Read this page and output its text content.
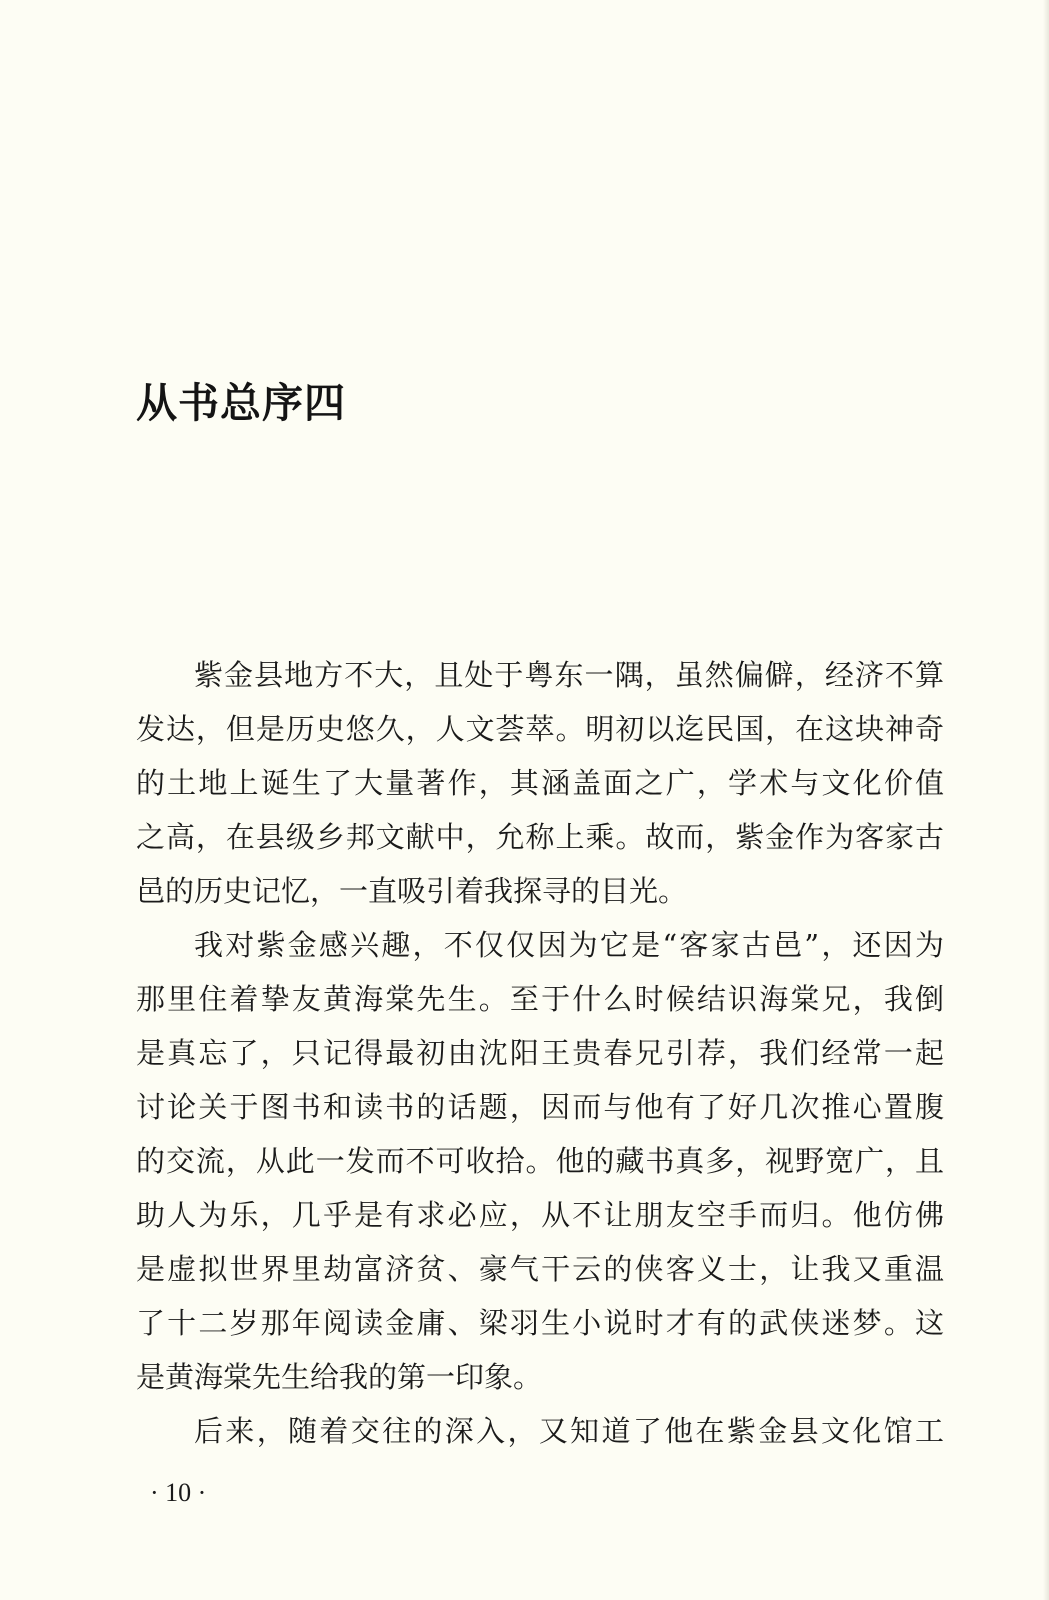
从书总序四
紫金县地方不大，且处于粤东一隅，虽然偏僻，经济不算
发达，但是历史悠久，人文荟萃。明初以迄民国，在这块神奇
的土地上诞生了大量著作，其涵盖面之广，学术与文化价值
之高，在县级乡邦文献中，允称上乘。故而，紫金作为客家古
邑的历史记忆，一直吸引着我探寻的目光。
我对紫金感兴趣，不仅仅因为它是“客家古邑”，还因为
那里住着挚友黄海棠先生。至于什么时候结识海棠兄，我倒
是真忘了，只记得最初由沈阳王贵春兄引荐，我们经常一起
讨论关于图书和读书的话题，因而与他有了好几次推心置腹
的交流，从此一发而不可收拾。他的藏书真多，视野宽广，且
助人为乐，几乎是有求必应，从不让朋友空手而归。他仿佛
是虚拟世界里劫富济贫、豪气干云的侠客义士，让我又重温
了十二岁那年阅读金庸、梁羽生小说时才有的武侠迷梦。这
是黄海棠先生给我的第一印象。
后来，随着交往的深入，又知道了他在紫金县文化馆工
· 10 ·
